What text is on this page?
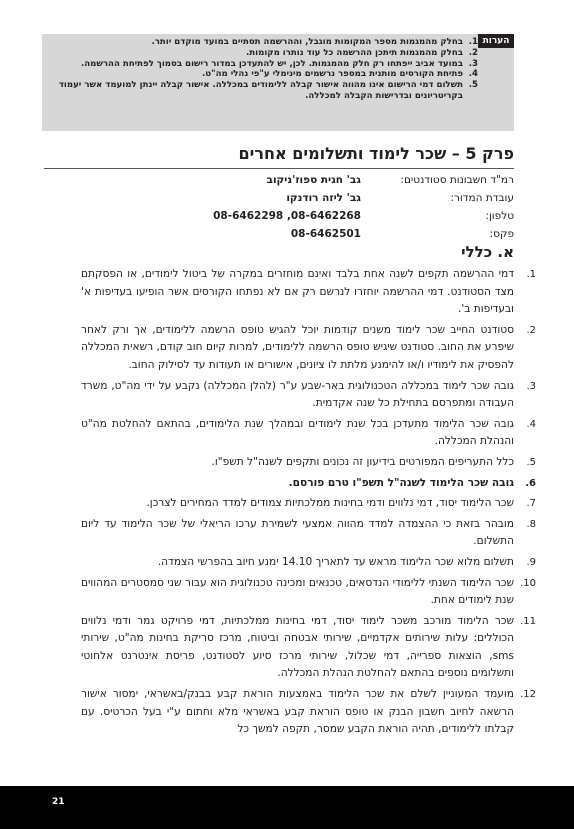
הערות
1.
בחלק מהמגמות מספר המקומות מוגבל, וההרשמה תסתיים במועד מוקדם יותר.
2.
בחלק מהמגמות תיתכן ההרשמה כל עוד נותרו מקומות.
3.
במועד אביב ייפתחו רק חלק מהמגמות. לכן, יש להתעדכן במדור רישום בסמוך לפתיחת ההרשמה.
4.
פתיחת הקורסים מותנית במספר נרשמים מינימלי ע"פי נהלי מה"ט.
5.
תשלום דמי הרישום אינו מהווה אישור קבלה ללימודים במכללה. אישור קבלה יינתן למועמד אשר יעמוד בקריטריונים ובדרישות הקבלה למכללה.
פרק 5 – שכר לימוד ותשלומים אחרים
רמ"ד חשבונות סטודנטים:
גב' חגית ספוז'ניקוב
עובדת המדור:
גב' ליזה רודנקו
טלפון:
08-6462298 ,08-6462268
פקס:
08-6462501
א. כללי
1.
דמי ההרשמה תקפים לשנה אחת בלבד ואינם מוחזרים במקרה של ביטול לימודים, או הפסקתם מצד הסטודנט. דמי ההרשמה יוחזרו לנרשם רק אם לא נפתחו הקורסים אשר הופיעו בעדיפות א' ובעדיפות ב'.
2.
סטודנט החייב שכר לימוד משנים קודמות יוכל להגיש טופס הרשמה ללימודים, אך ורק לאחר שיפרע את החוב. סטודנט שיגיש טופס הרשמה ללימודים, למרות קיום חוב קודם, רשאית המכללה להפסיק את לימודיו ו/או להימנע מלתת לו ציונים, אישורים או תעודות עד לסילוק החוב.
3.
גובה שכר לימוד במכללה הטכנולוגית באר-שבע ע"ר (להלן המכללה) נקבע על ידי מה"ט, משרד העבודה ומתפרסם בתחילת כל שנה אקדמית.
4.
גובה שכר הלימוד מתעדכן בכל שנת לימודים ובמהלך שנת הלימודים, בהתאם להחלטת מה"ט והנהלת המכללה.
5.
כלל התעריפים המפורטים בידיעון זה נכונים ותקפים לשנה"ל תשפ"ו.
6.
גובה שכר הלימוד לשנה"ל תשפ"ו טרם פורסם.
7.
שכר הלימוד יסוד, דמי נלווים ודמי בחינות ממלכתיות צמודים למדד המחירים לצרכן.
8.
מובהר בזאת כי ההצמדה למדד מהווה אמצעי לשמירת ערכו הריאלי של שכר הלימוד עד ליום התשלום.
9.
תשלום מלוא שכר הלימוד מראש עד לתאריך 14.10 ימנע חיוב בהפרשי הצמדה.
10.
שכר הלימוד השנתי ללימודי הנדסאים, טכנאים ומכינה טכנולוגית הוא עבור שני סמסטרים המהווים שנת לימודים אחת.
11.
שכר הלימוד מורכב משכר לימוד יסוד, דמי בחינות ממלכתיות, דמי פרויקט גמר ודמי נלווים הכוללים: עלות שירותים אקדמיים, שירותי אבטחה וביטוח, מרכז סריקת בחינות מה"ט, שירותי sms, הוצאות ספרייה, דמי שכלול, שירותי מרכז סיוע לסטודנט, פריסת אינטרנט אלחוטי ותשלומים נוספים בהתאם להחלטת הנהלת המכללה.
12.
מועמד המעוניין לשלם את שכר הלימוד באמצעות הוראת קבע בבנק/באשראי, ימסור אישור הרשאה לחיוב חשבון הבנק או טופס הוראת קבע באשראי מלא וחתום ע"י בעל הכרטיס. עם קבלתו ללימודים, תהיה הוראת הקבע שמסר, תקפה למשך כל
21
